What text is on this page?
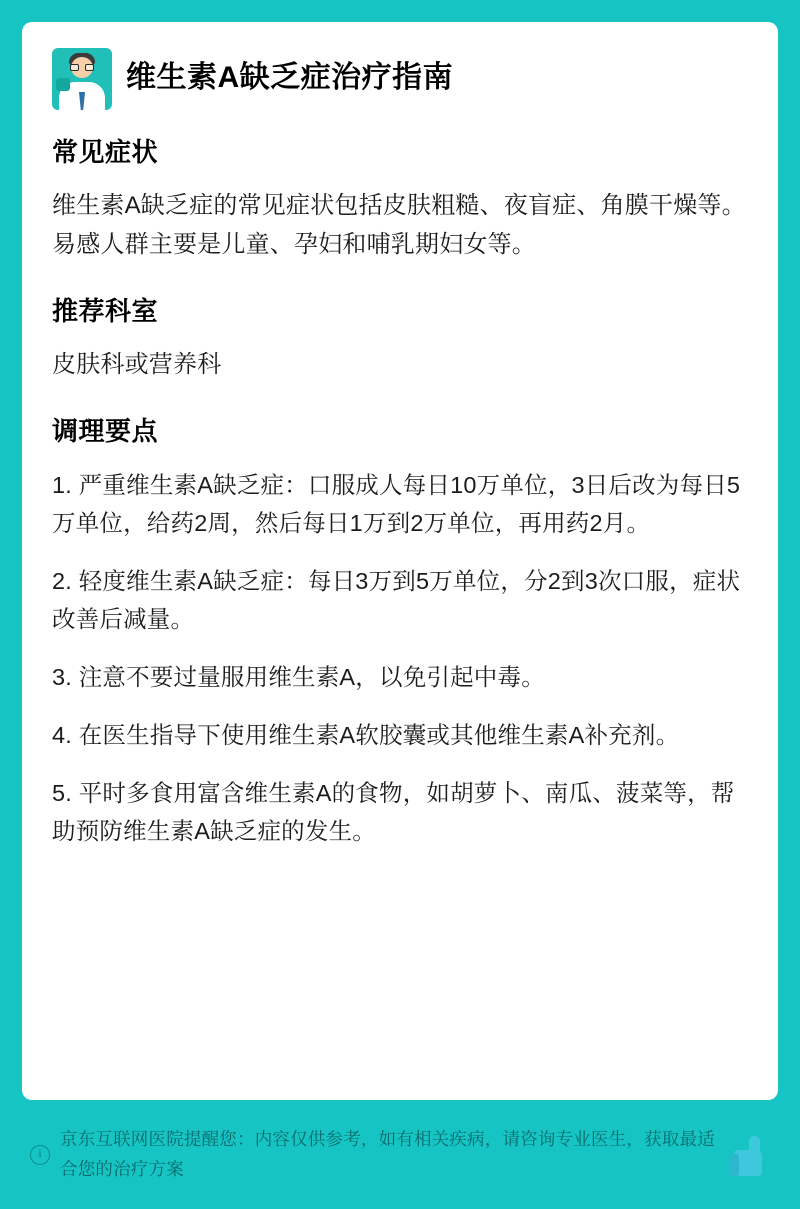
维生素A缺乏症治疗指南
常见症状

维生素A缺乏症的常见症状包括皮肤粗糙、夜盲症、角膜干燥等。易感人群主要是儿童、孕妇和哺乳期妇女等。

推荐科室

皮肤科或营养科

调理要点
1. 严重维生素A缺乏症：口服成人每日10万单位，3日后改为每日5万单位，给药2周，然后每日1万到2万单位，再用药2月。
2. 轻度维生素A缺乏症：每日3万到5万单位，分2到3次口服，症状改善后减量。
3. 注意不要过量服用维生素A，以免引起中毒。
4. 在医生指导下使用维生素A软胶囊或其他维生素A补充剂。
5. 平时多食用富含维生素A的食物，如胡萝卜、南瓜、菠菜等，帮助预防维生素A缺乏症的发生。
i
京东互联网医院提醒您：内容仅供参考，如有相关疾病，请咨询专业医生，获取最适合您的治疗方案
